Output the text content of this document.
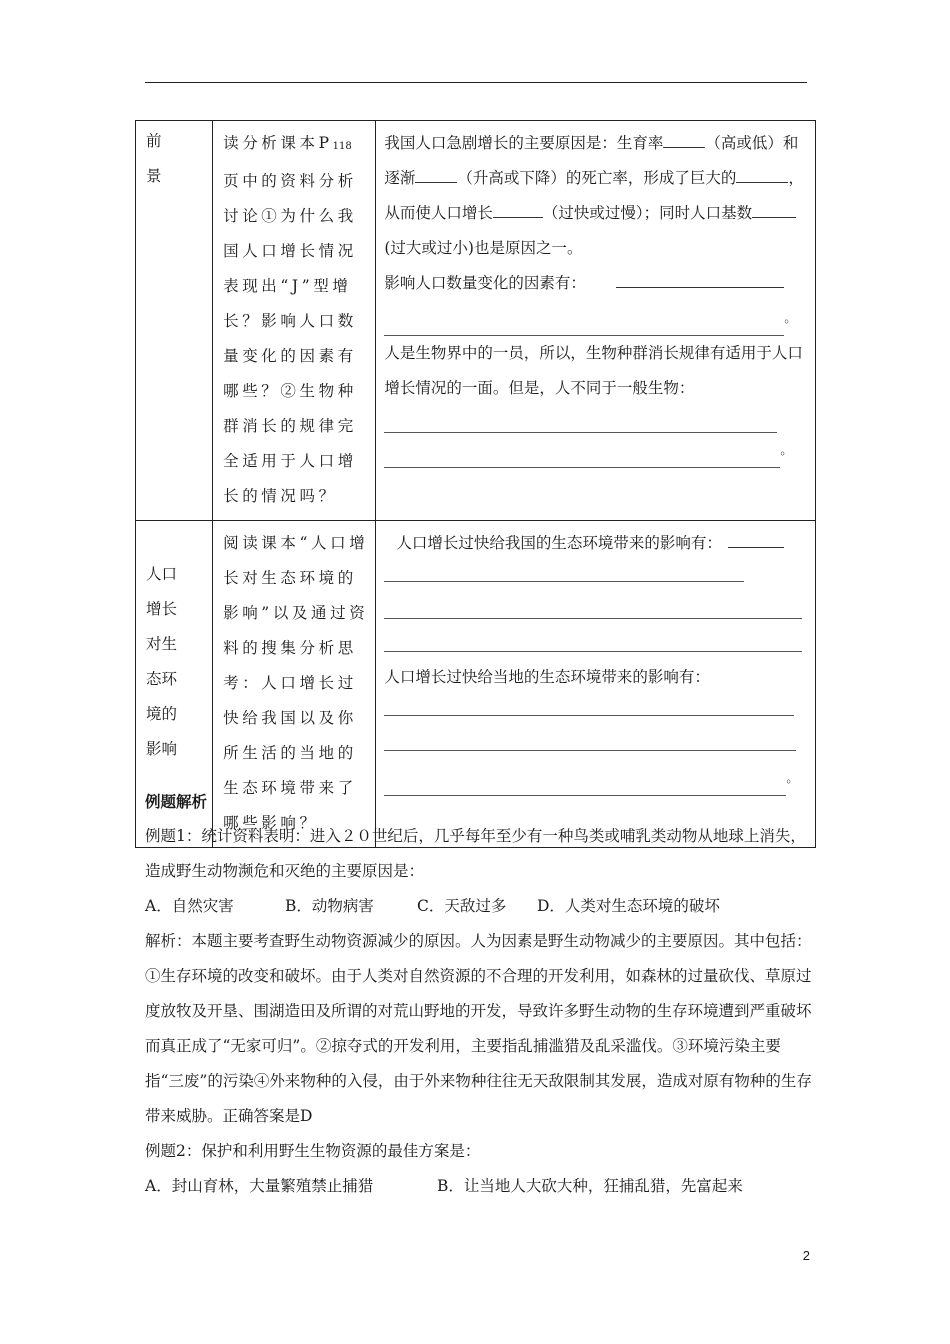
前景	读分析课本P118页中的资料分析讨论①为什么我国人口增长情况表现出“J”型增长？影响人口数量变化的因素有哪些？②生物种群消长的规律完全适用于人口增长的情况吗？	我国人口急剧增长的主要原因是：生育率 （高或低）和逐渐 （升高或下降）的死亡率，形成了巨大的 ，从而使人口增长 （过快或过慢）；同时人口基数(过大或过小)也是原因之一。

影响人口数量变化的因素有：

。

人是生物界中的一员，所以，生物种群消长规律有适用于人口增长情况的一面。但是，人不同于一般生物：

。

人口增长对生态环境的影响	阅读课本“人口增长对生态环境的影响”以及通过资料的搜集分析思考：人口增长过快给我国以及你所生活的当地的生态环境带来了哪些影响？	人口增长过快给我国的生态环境带来的影响有：

人口增长过快给当地的生态环境带来的影响有：

。

例题解析

例题1：统计资料表明：进入２０世纪后，几乎每年至少有一种鸟类或哺乳类动物从地球上消失，造成野生动物濒危和灭绝的主要原因是：

A．自然灾害	B．动物病害	C．天敌过多 D．人类对生态环境的破坏

解析：本题主要考查野生动物资源减少的原因。人为因素是野生动物减少的主要原因。其中包括：①生存环境的改变和破坏。由于人类对自然资源的不合理的开发利用，如森林的过量砍伐、草原过度放牧及开垦、围湖造田及所谓的对荒山野地的开发，导致许多野生动物的生存环境遭到严重破坏而真正成了“无家可归”。②掠夺式的开发利用，主要指乱捕滥猎及乱采滥伐。③环境污染主要指“三废”的污染④外来物种的入侵，由于外来物种往往无天敌限制其发展，造成对原有物种的生存带来威胁。正确答案是D

例题2：保护和利用野生生物资源的最佳方案是：

A．封山育林，大量繁殖禁止捕猎	B．让当地人大砍大种，狂捕乱猎，先富起来

2
